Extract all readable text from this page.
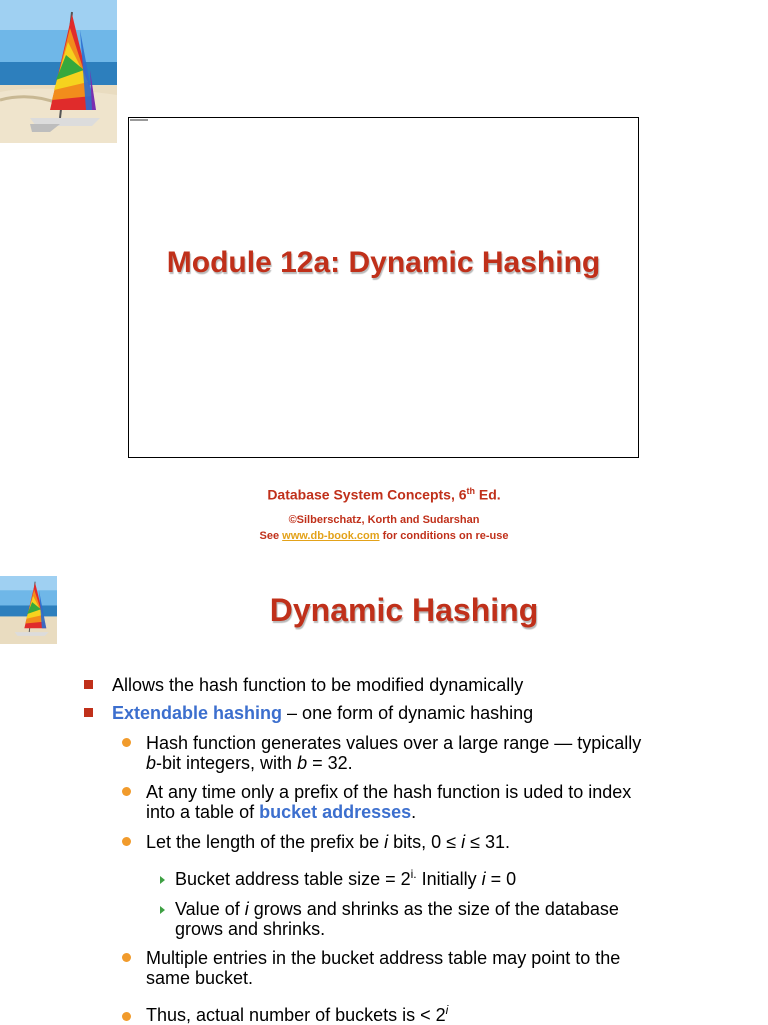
Module 12a: Dynamic Hashing
Database System Concepts, 6th Ed.
©Silberschatz, Korth and Sudarshan
See www.db-book.com for conditions on re-use
Dynamic Hashing
Allows the hash function to be modified dynamically
Extendable hashing – one form of dynamic hashing
Hash function generates values over a large range — typically
b-bit integers, with b = 32.
At any time only a prefix of the hash function is uded to index
into a table of bucket addresses.
Let the length of the prefix be i bits, 0 ≤ i ≤ 31.
Bucket address table size = $2^{i.}$ Initially i = 0
Value of i grows and shrinks as the size of the database
grows and shrinks.
Multiple entries in the bucket address table may point to the
same bucket.
Thus, actual number of buckets is < $2^i$
